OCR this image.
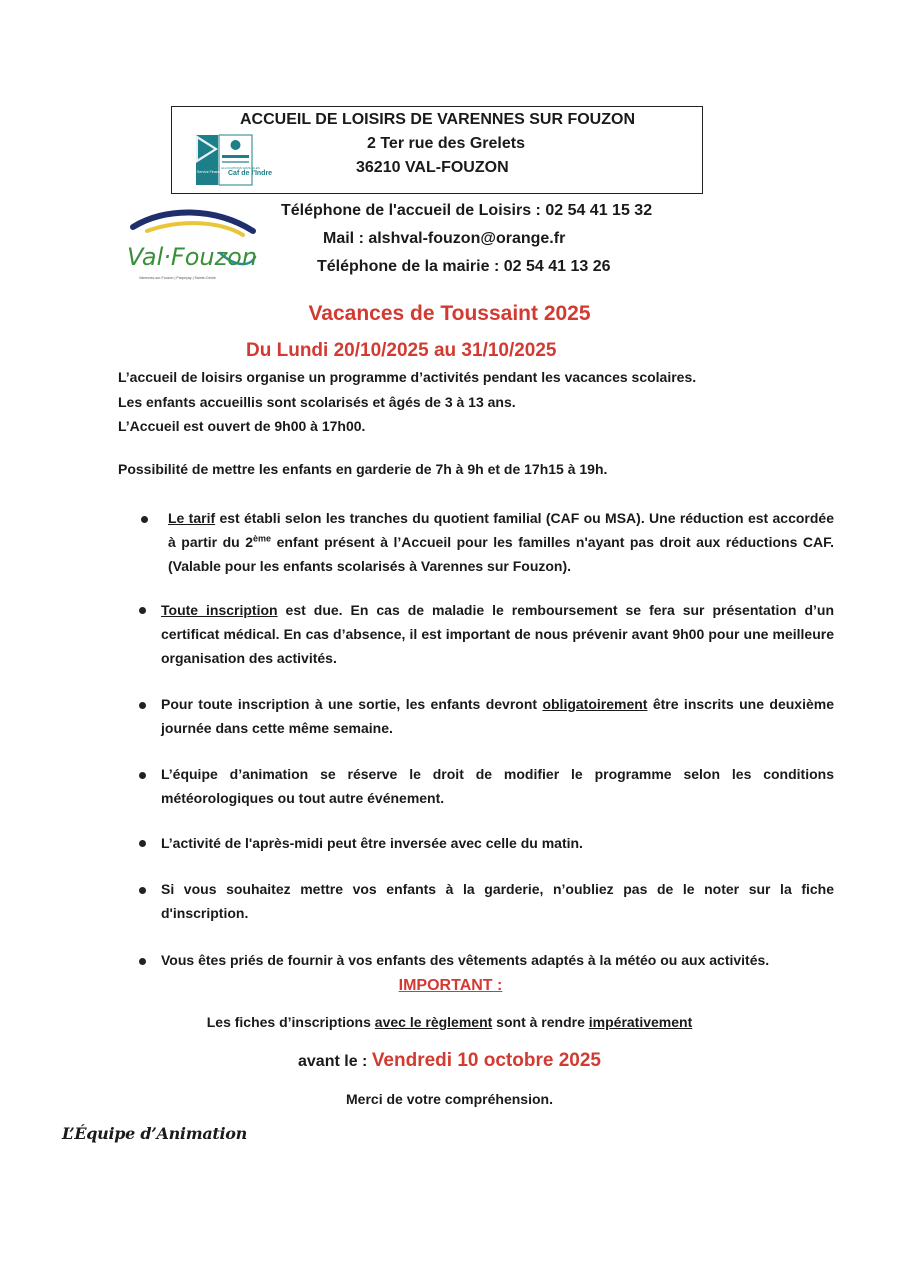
ACCUEIL DE LOISIRS DE VARENNES SUR FOUZON
2 Ter rue des Grelets
36210 VAL-FOUZON
Caf de l'Indre
Service Financé par
ALLOCATIONS FAMILIALES
Val·Fouzon
Varennes-sur-Fouzon | Parpeçay | Sainte-Cécile
Téléphone de l'accueil de Loisirs : 02 54 41 15 32
Mail : alshval-fouzon@orange.fr
Téléphone de la mairie : 02 54 41 13 26
Vacances de Toussaint 2025
Du Lundi 20/10/2025 au 31/10/2025
L’accueil de loisirs organise un programme d’activités pendant les vacances scolaires.
Les enfants accueillis sont scolarisés et âgés de 3 à 13 ans.
L’Accueil est ouvert de 9h00 à 17h00.
Possibilité de mettre les enfants en garderie de 7h à 9h et de 17h15 à 19h.
Le tarif est établi selon les tranches du quotient familial (CAF ou MSA). Une réduction est accordée à partir du 2ème enfant présent à l’Accueil pour les familles n'ayant pas droit aux réductions CAF. (Valable pour les enfants scolarisés à Varennes sur Fouzon).
Toute inscription est due. En cas de maladie le remboursement se fera sur présentation d’un certificat médical. En cas d’absence, il est important de nous prévenir avant 9h00 pour une meilleure organisation des activités.
Pour toute inscription à une sortie, les enfants devront obligatoirement être inscrits une deuxième journée dans cette même semaine.
L’équipe d’animation se réserve le droit de modifier le programme selon les conditions météorologiques ou tout autre événement.
L’activité de l'après-midi peut être inversée avec celle du matin.
Si vous souhaitez mettre vos enfants à la garderie, n’oubliez pas de le noter sur la fiche d'inscription.
Vous êtes priés de fournir à vos enfants des vêtements adaptés à la météo ou aux activités.
IMPORTANT :
Les fiches d’inscriptions avec le règlement sont à rendre impérativement
avant le : Vendredi 10 octobre 2025
Merci de votre compréhension.
L’Équipe d’Animation
